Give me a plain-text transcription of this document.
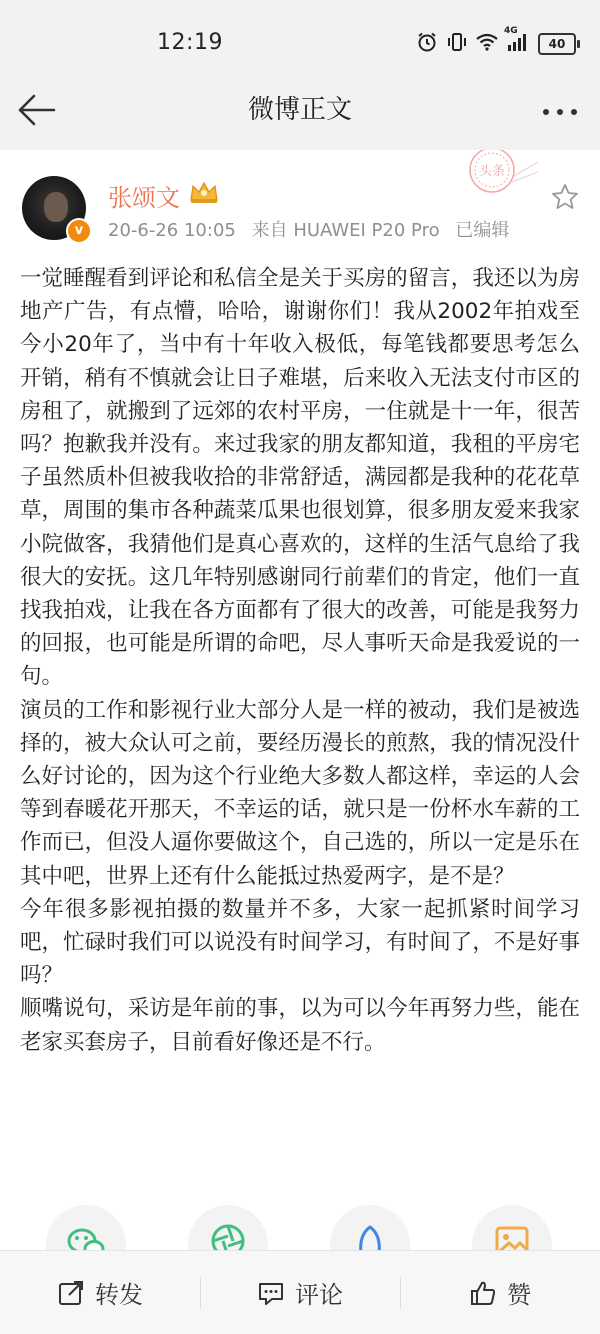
12:19	4G
40
微博正文
v
张颂文
20-6-26 10:05 来自 HUAWEI P20 Pro 已编辑
头条

一觉睡醒看到评论和私信全是关于买房的留言，我还以为房地产广告，有点懵，哈哈，谢谢你们！我从2002年拍戏至今小20年了，当中有十年收入极低，每笔钱都要思考怎么开销，稍有不慎就会让日子难堪，后来收入无法支付市区的房租了，就搬到了远郊的农村平房，一住就是十一年，很苦吗？抱歉我并没有。来过我家的朋友都知道，我租的平房宅子虽然质朴但被我收拾的非常舒适，满园都是我种的花花草草，周围的集市各种蔬菜瓜果也很划算，很多朋友爱来我家小院做客，我猜他们是真心喜欢的，这样的生活气息给了我很大的安抚。这几年特别感谢同行前辈们的肯定，他们一直找我拍戏，让我在各方面都有了很大的改善，可能是我努力的回报，也可能是所谓的命吧，尽人事听天命是我爱说的一句。

演员的工作和影视行业大部分人是一样的被动，我们是被选择的，被大众认可之前，要经历漫长的煎熬，我的情况没什么好讨论的，因为这个行业绝大多数人都这样，幸运的人会等到春暖花开那天，不幸运的话，就只是一份杯水车薪的工作而已，但没人逼你要做这个，自己选的，所以一定是乐在其中吧，世界上还有什么能抵过热爱两字，是不是？

今年很多影视拍摄的数量并不多，大家一起抓紧时间学习吧，忙碌时我们可以说没有时间学习，有时间了，不是好事吗？

顺嘴说句，采访是年前的事，以为可以今年再努力些，能在老家买套房子，目前看好像还是不行。

转发	评论	赞
